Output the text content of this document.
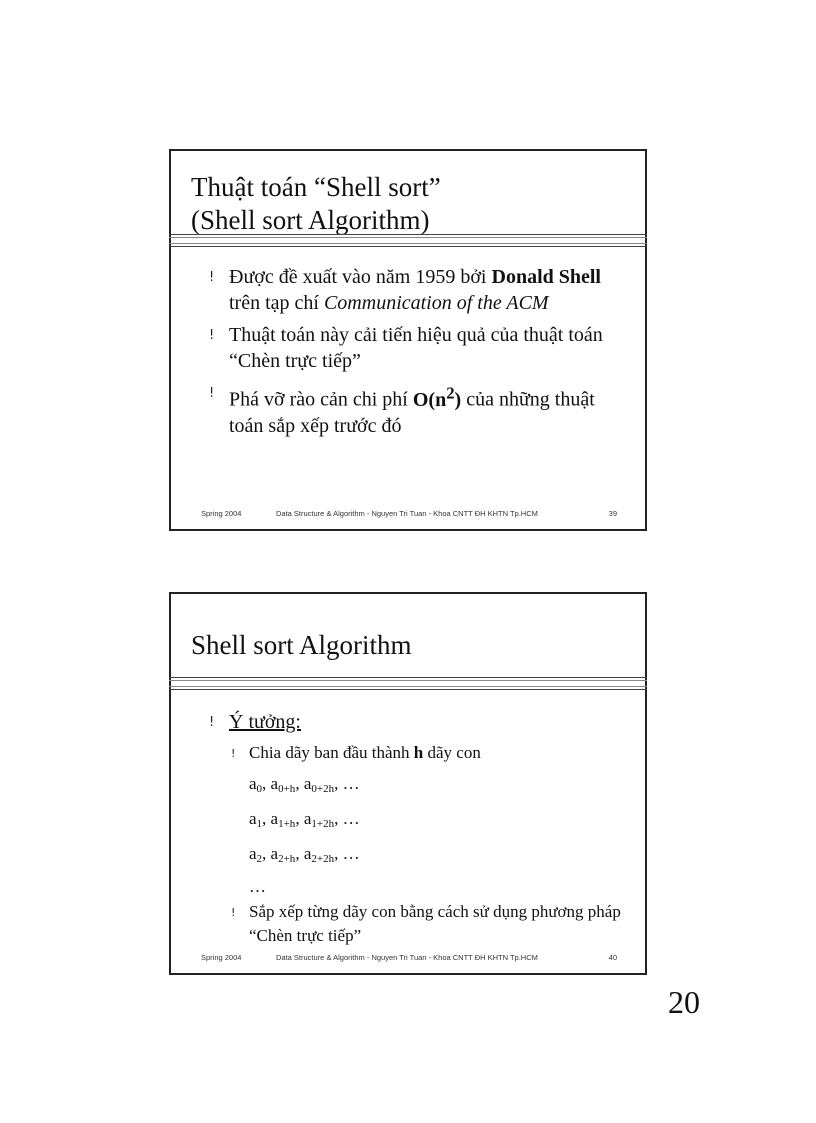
Thuật toán “Shell sort”
(Shell sort Algorithm)
! Được đề xuất vào năm 1959 bởi Donald Shell trên tạp chí Communication of the ACM
! Thuật toán này cải tiến hiệu quả của thuật toán “Chèn trực tiếp”
! Phá vỡ rào cản chi phí $O(n^2)$ của những thuật toán sắp xếp trước đó
Spring 2004	Data Structure & Algorithm - Nguyen Tri Tuan - Khoa CNTT ĐH KHTN Tp.HCM	39
Shell sort Algorithm
! Ý tưởng:
! Chia dãy ban đầu thành h dãy con
$a_0$, $a_{0+h}$, $a_{0+2h}$, …
$a_1$, $a_{1+h}$, $a_{1+2h}$, …
$a_2$, $a_{2+h}$, $a_{2+2h}$, …
…
! Sắp xếp từng dãy con bằng cách sử dụng phương pháp “Chèn trực tiếp”
Spring 2004	Data Structure & Algorithm - Nguyen Tri Tuan - Khoa CNTT ĐH KHTN Tp.HCM	40
20
